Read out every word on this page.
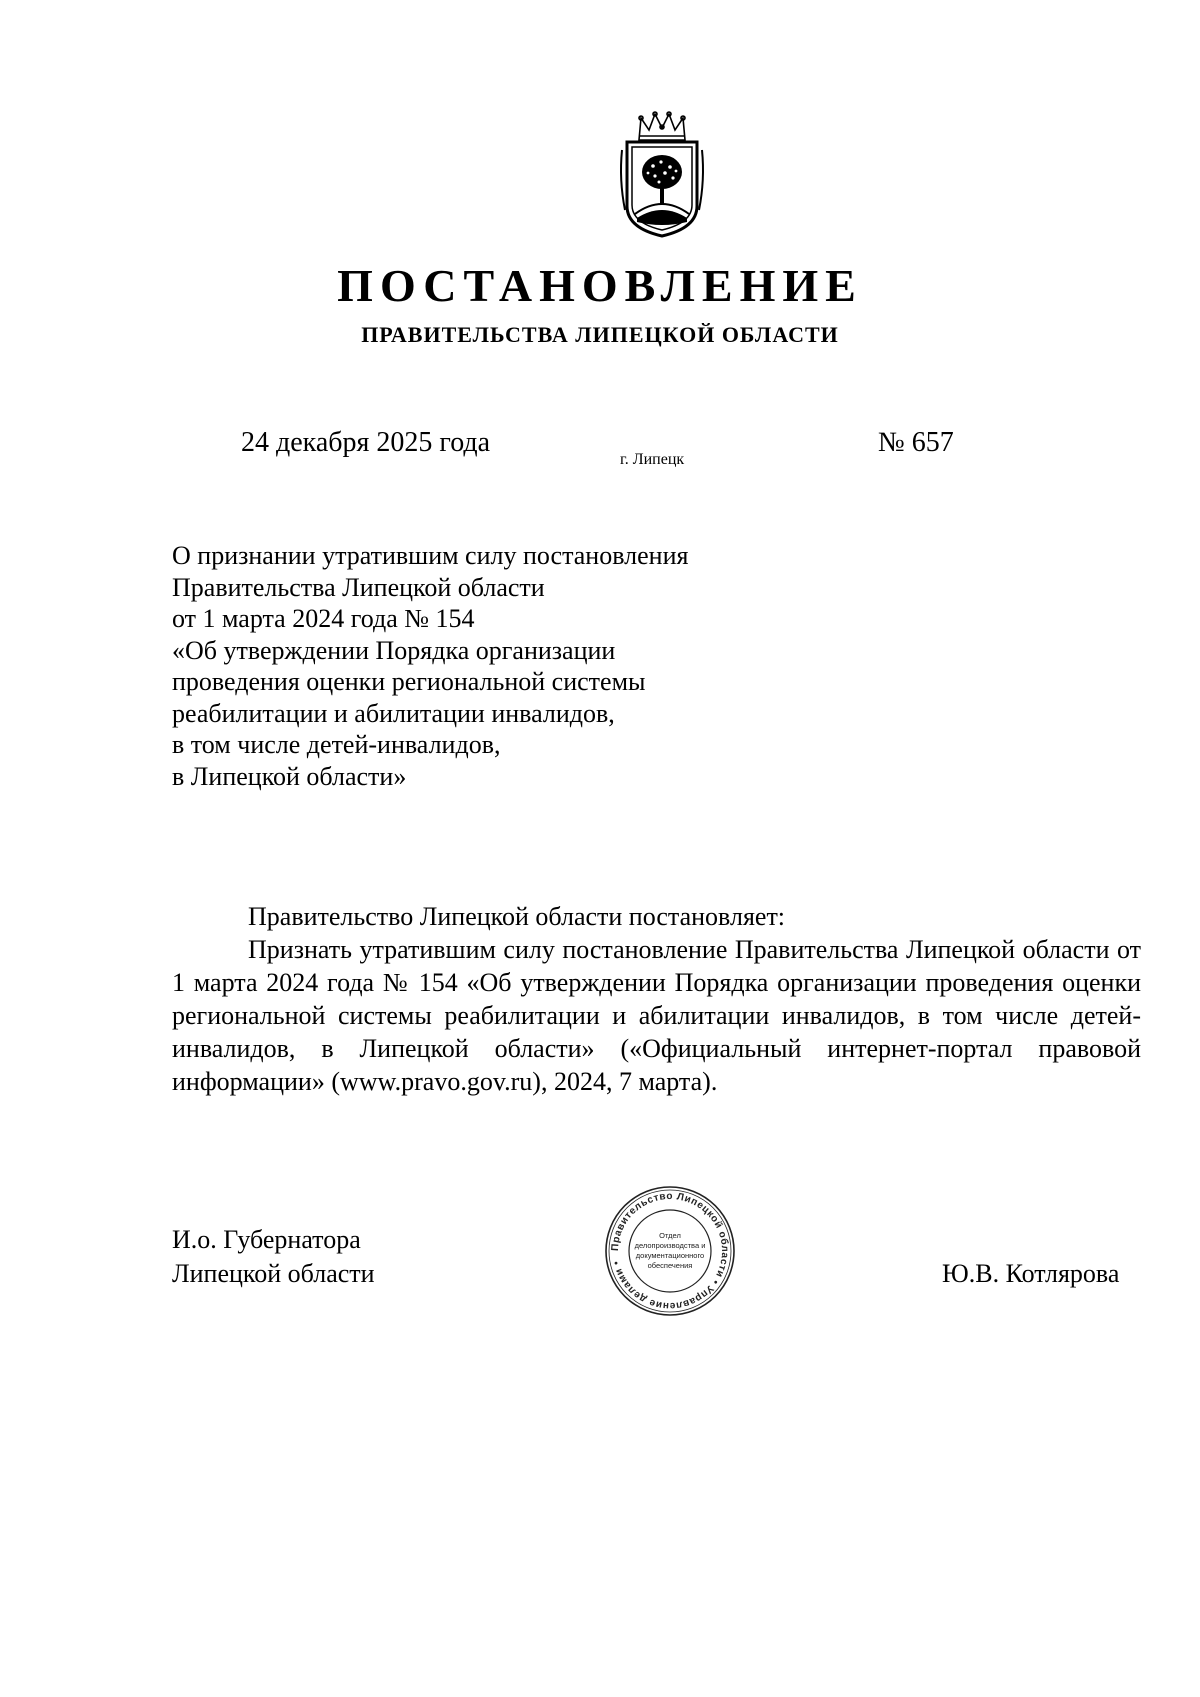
ПОСТАНОВЛЕНИЕ
ПРАВИТЕЛЬСТВА ЛИПЕЦКОЙ ОБЛАСТИ
24 декабря 2025 года
г. Липецк
№ 657
О признании утратившим силу постановления
Правительства Липецкой области
от 1 марта 2024 года № 154
«Об утверждении Порядка организации
проведения оценки региональной системы
реабилитации и абилитации инвалидов,
в том числе детей-инвалидов,
в Липецкой области»

Правительство Липецкой области постановляет:

Признать утратившим силу постановление Правительства Липецкой области от 1 марта 2024 года № 154 «Об утверждении Порядка организации проведения оценки региональной системы реабилитации и абилитации инвалидов, в том числе детей-инвалидов, в Липецкой области» («Официальный интернет-портал правовой информации» (www.pravo.gov.ru), 2024, 7 марта).

И.о. Губернатора
Липецкой области
Правительство Липецкой области • Управление делами •
Отдел
делопроизводства и
документационного
обеспечения	Ю.В. Котлярова
